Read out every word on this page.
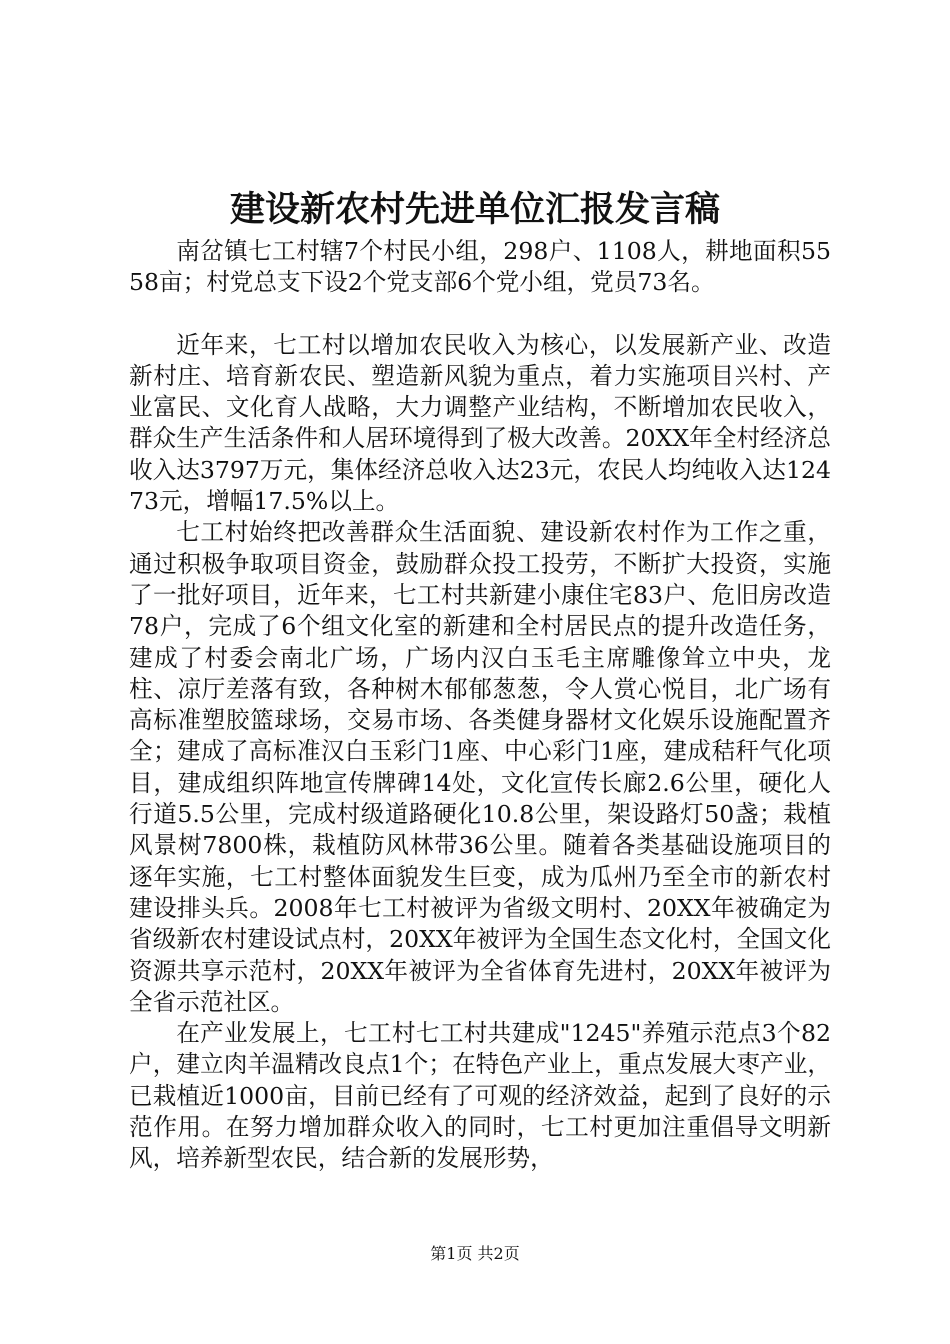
建设新农村先进单位汇报发言稿

南岔镇七工村辖7个村民小组，298户、1108人，耕地面积5558亩；村党总支下设2个党支部6个党小组，党员73名。

近年来，七工村以增加农民收入为核心，以发展新产业、改造新村庄、培育新农民、塑造新风貌为重点，着力实施项目兴村、产业富民、文化育人战略，大力调整产业结构，不断增加农民收入，群众生产生活条件和人居环境得到了极大改善。20XX年全村经济总收入达3797万元，集体经济总收入达23元，农民人均纯收入达12473元，增幅17.5%以上。

七工村始终把改善群众生活面貌、建设新农村作为工作之重，通过积极争取项目资金，鼓励群众投工投劳，不断扩大投资，实施了一批好项目，近年来，七工村共新建小康住宅83户、危旧房改造78户，完成了6个组文化室的新建和全村居民点的提升改造任务，建成了村委会南北广场，广场内汉白玉毛主席雕像耸立中央，龙柱、凉厅差落有致，各种树木郁郁葱葱，令人赏心悦目，北广场有高标准塑胶篮球场，交易市场、各类健身器材文化娱乐设施配置齐全；建成了高标准汉白玉彩门1座、中心彩门1座，建成秸秆气化项目，建成组织阵地宣传牌碑14处，文化宣传长廊2.6公里，硬化人行道5.5公里，完成村级道路硬化10.8公里，架设路灯50盏；栽植风景树7800株，栽植防风林带36公里。随着各类基础设施项目的逐年实施，七工村整体面貌发生巨变，成为瓜州乃至全市的新农村建设排头兵。2008年七工村被评为省级文明村、20XX年被确定为省级新农村建设试点村，20XX年被评为全国生态文化村，全国文化资源共享示范村，20XX年被评为全省体育先进村，20XX年被评为全省示范社区。

在产业发展上，七工村七工村共建成"1245"养殖示范点3个82户，建立肉羊温精改良点1个；在特色产业上，重点发展大枣产业，已栽植近1000亩，目前已经有了可观的经济效益，起到了良好的示范作用。在努力增加群众收入的同时，七工村更加注重倡导文明新风，培养新型农民，结合新的发展形势，

第1页 共2页
